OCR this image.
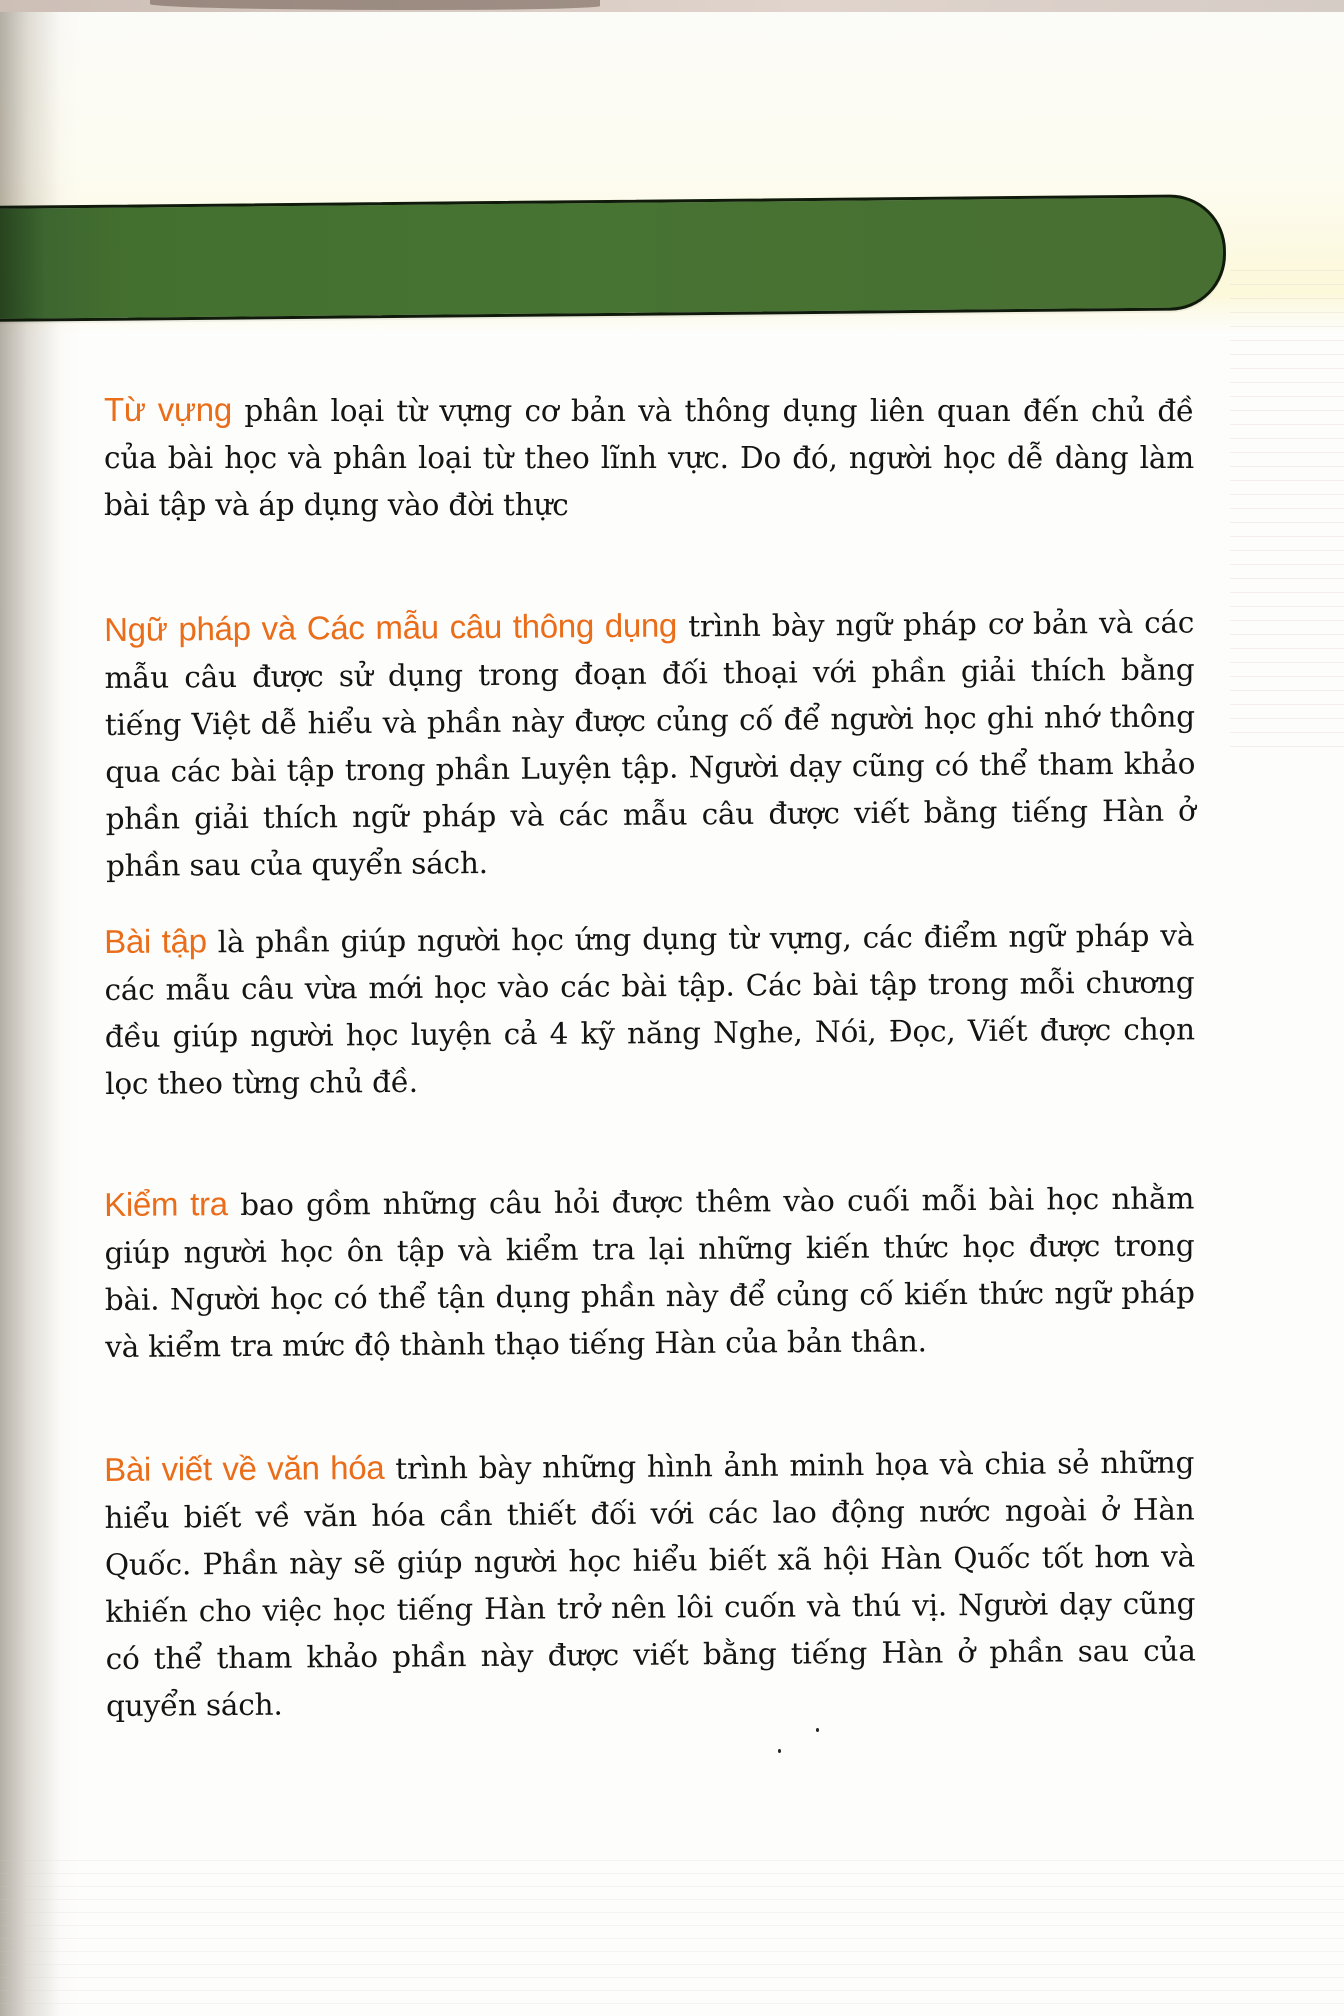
Từ vựng phân loại từ vựng cơ bản và thông dụng liên quan đến chủ đề của bài học và phân loại từ theo lĩnh vực. Do đó, người học dễ dàng làm bài tập và áp dụng vào đời thực

Ngữ pháp và Các mẫu câu thông dụng trình bày ngữ pháp cơ bản và các mẫu câu được sử dụng trong đoạn đối thoại với phần giải thích bằng tiếng Việt dễ hiểu và phần này được củng cố để người học ghi nhớ thông qua các bài tập trong phần Luyện tập. Người dạy cũng có thể tham khảo phần giải thích ngữ pháp và các mẫu câu được viết bằng tiếng Hàn ở phần sau của quyển sách.

Bài tập là phần giúp người học ứng dụng từ vựng, các điểm ngữ pháp và các mẫu câu vừa mới học vào các bài tập. Các bài tập trong mỗi chương đều giúp người học luyện cả 4 kỹ năng Nghe, Nói, Đọc, Viết được chọn lọc theo từng chủ đề.

Kiểm tra bao gồm những câu hỏi được thêm vào cuối mỗi bài học nhằm giúp người học ôn tập và kiểm tra lại những kiến thức học được trong bài. Người học có thể tận dụng phần này để củng cố kiến thức ngữ pháp và kiểm tra mức độ thành thạo tiếng Hàn của bản thân.

Bài viết về văn hóa trình bày những hình ảnh minh họa và chia sẻ những hiểu biết về văn hóa cần thiết đối với các lao động nước ngoài ở Hàn Quốc. Phần này sẽ giúp người học hiểu biết xã hội Hàn Quốc tốt hơn và khiến cho việc học tiếng Hàn trở nên lôi cuốn và thú vị. Người dạy cũng có thể tham khảo phần này được viết bằng tiếng Hàn ở phần sau của quyển sách.
